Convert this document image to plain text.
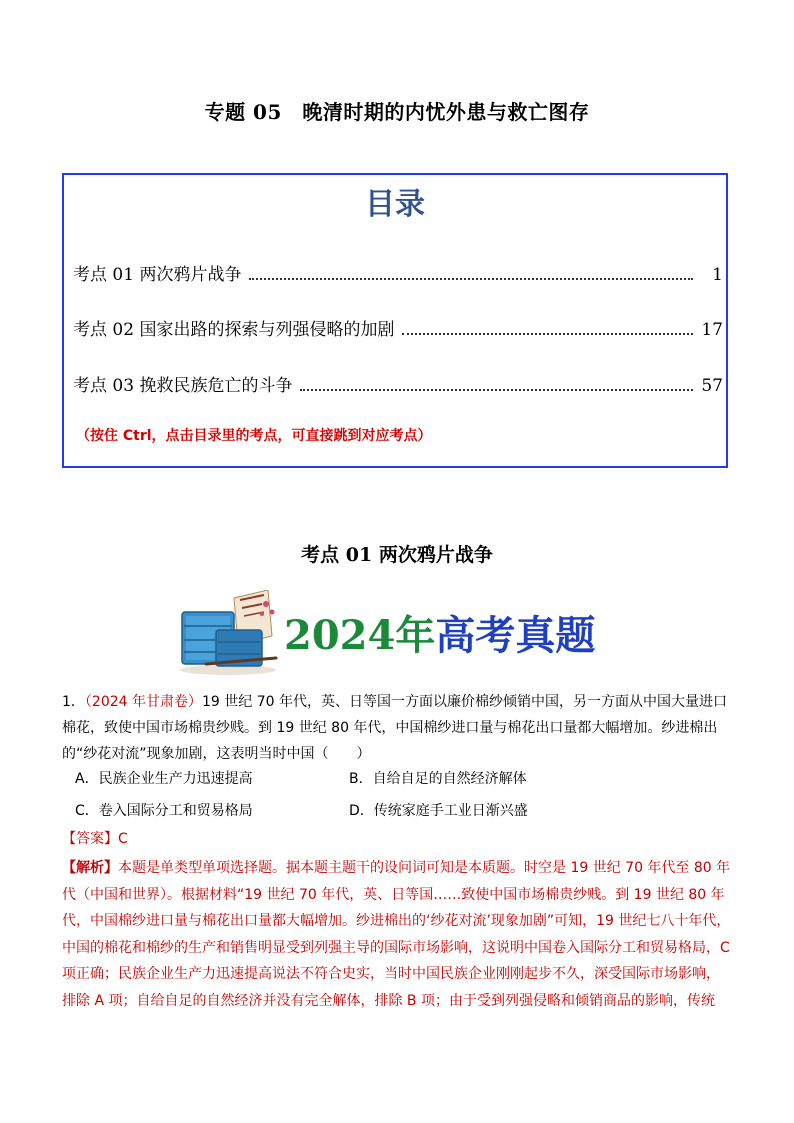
专题 05　晚清时期的内忧外患与救亡图存
目录
考点 01 两次鸦片战争	1
考点 02 国家出路的探索与列强侵略的加剧	17
考点 03 挽救民族危亡的斗争	57
（按住 Ctrl，点击目录里的考点，可直接跳到对应考点）
考点 01 两次鸦片战争
2024年高考真题
1．（2024 年甘肃卷）19 世纪 70 年代，英、日等国一方面以廉价棉纱倾销中国，另一方面从中国大量进口棉花，致使中国市场棉贵纱贱。到 19 世纪 80 年代，中国棉纱进口量与棉花出口量都大幅增加。纱进棉出的“纱花对流”现象加剧，这表明当时中国（　　）
A．民族企业生产力迅速提高	B．自给自足的自然经济解体
C．卷入国际分工和贸易格局	D．传统家庭手工业日渐兴盛
【答案】C
【解析】本题是单类型单项选择题。据本题主题干的设问词可知是本质题。时空是 19 世纪 70 年代至 80 年代（中国和世界）。根据材料“19 世纪 70 年代，英、日等国……致使中国市场棉贵纱贱。到 19 世纪 80 年代，中国棉纱进口量与棉花出口量都大幅增加。纱进棉出的‘纱花对流’现象加剧”可知，19 世纪七八十年代，中国的棉花和棉纱的生产和销售明显受到列强主导的国际市场影响，这说明中国卷入国际分工和贸易格局，C 项正确；民族企业生产力迅速提高说法不符合史实，当时中国民族企业刚刚起步不久，深受国际市场影响，排除 A 项；自给自足的自然经济并没有完全解体，排除 B 项；由于受到列强侵略和倾销商品的影响，传统
